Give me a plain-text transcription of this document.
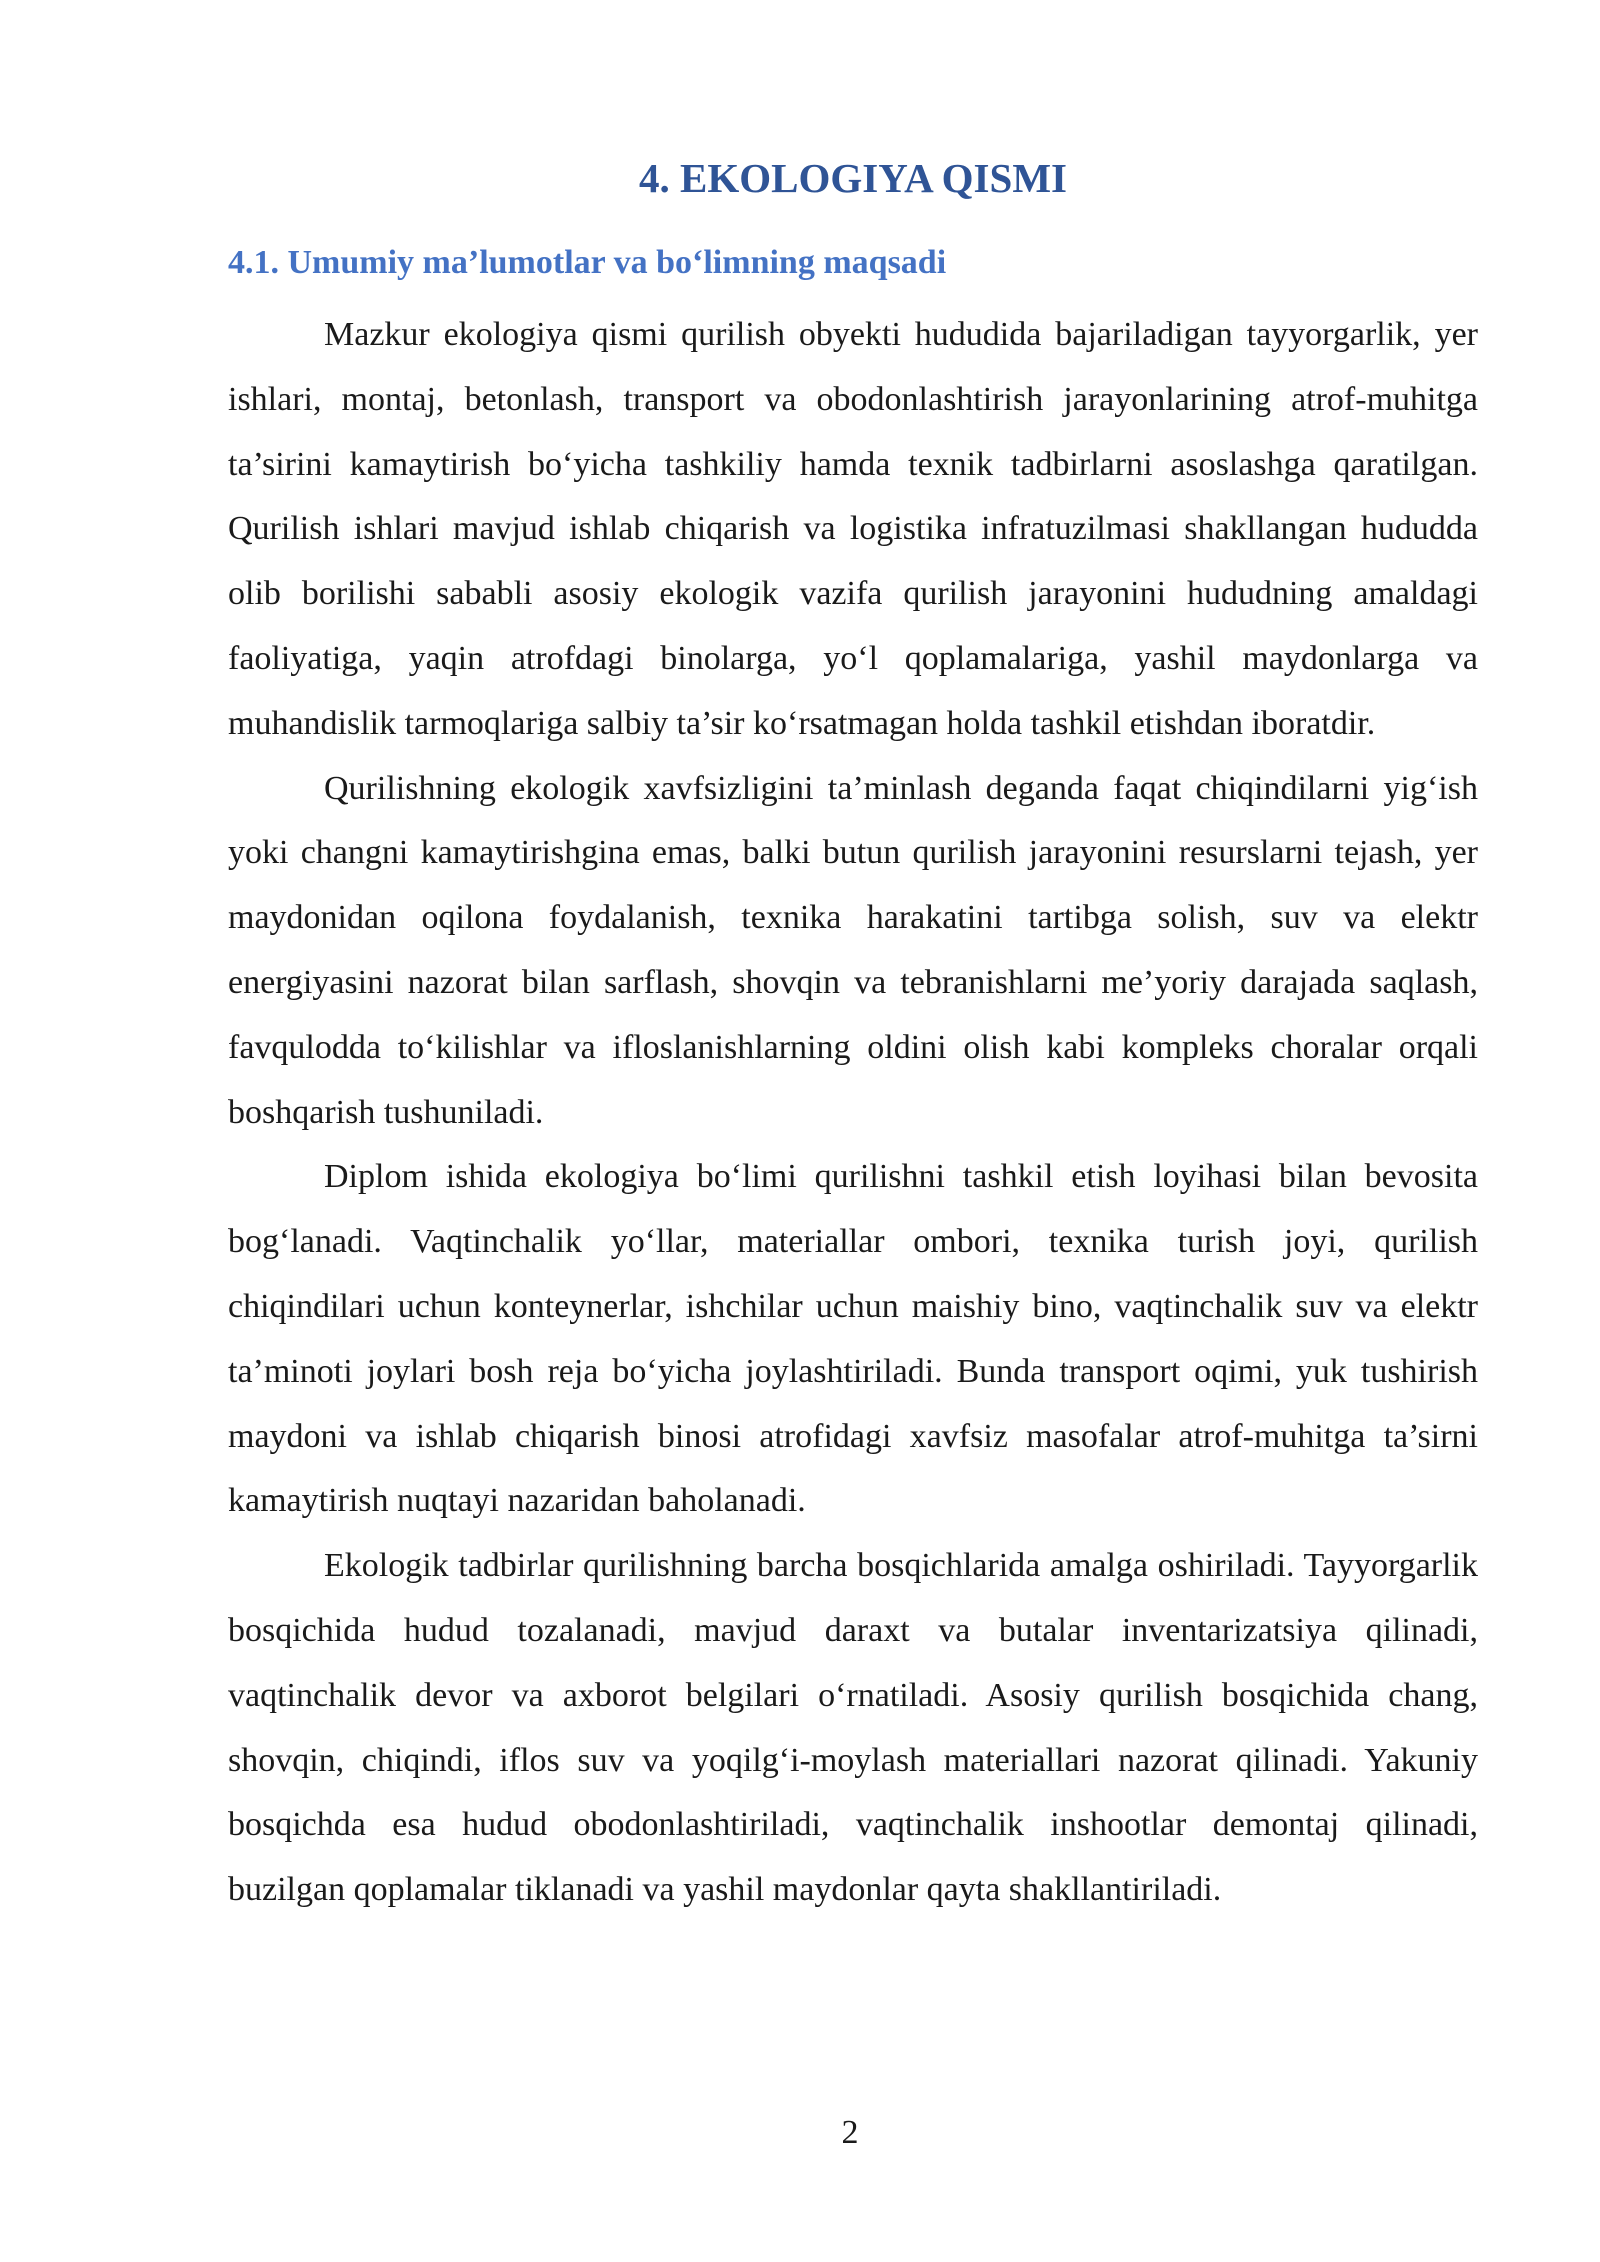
4. EKOLOGIYA QISMI
4.1. Umumiy ma’lumotlar va bo‘limning maqsadi

Mazkur ekologiya qismi qurilish obyekti hududida bajariladigan tayyorgarlik, yer ishlari, montaj, betonlash, transport va obodonlashtirish jarayonlarining atrof-muhitga ta’sirini kamaytirish bo‘yicha tashkiliy hamda texnik tadbirlarni asoslashga qaratilgan. Qurilish ishlari mavjud ishlab chiqarish va logistika infratuzilmasi shakllangan hududda olib borilishi sababli asosiy ekologik vazifa qurilish jarayonini hududning amaldagi faoliyatiga, yaqin atrofdagi binolarga, yo‘l qoplamalariga, yashil maydonlarga va muhandislik tarmoqlariga salbiy ta’sir ko‘rsatmagan holda tashkil etishdan iboratdir.

Qurilishning ekologik xavfsizligini ta’minlash deganda faqat chiqindilarni yig‘ish yoki changni kamaytirishgina emas, balki butun qurilish jarayonini resurslarni tejash, yer maydonidan oqilona foydalanish, texnika harakatini tartibga solish, suv va elektr energiyasini nazorat bilan sarflash, shovqin va tebranishlarni me’yoriy darajada saqlash, favqulodda to‘kilishlar va ifloslanishlarning oldini olish kabi kompleks choralar orqali boshqarish tushuniladi.

Diplom ishida ekologiya bo‘limi qurilishni tashkil etish loyihasi bilan bevosita bog‘lanadi. Vaqtinchalik yo‘llar, materiallar ombori, texnika turish joyi, qurilish chiqindilari uchun konteynerlar, ishchilar uchun maishiy bino, vaqtinchalik suv va elektr ta’minoti joylari bosh reja bo‘yicha joylashtiriladi. Bunda transport oqimi, yuk tushirish maydoni va ishlab chiqarish binosi atrofidagi xavfsiz masofalar atrof-muhitga ta’sirni kamaytirish nuqtayi nazaridan baholanadi.

Ekologik tadbirlar qurilishning barcha bosqichlarida amalga oshiriladi. Tayyorgarlik bosqichida hudud tozalanadi, mavjud daraxt va butalar inventarizatsiya qilinadi, vaqtinchalik devor va axborot belgilari o‘rnatiladi. Asosiy qurilish bosqichida chang, shovqin, chiqindi, iflos suv va yoqilg‘i-moylash materiallari nazorat qilinadi. Yakuniy bosqichda esa hudud obodonlashtiriladi, vaqtinchalik inshootlar demontaj qilinadi, buzilgan qoplamalar tiklanadi va yashil maydonlar qayta shakllantiriladi.

2
